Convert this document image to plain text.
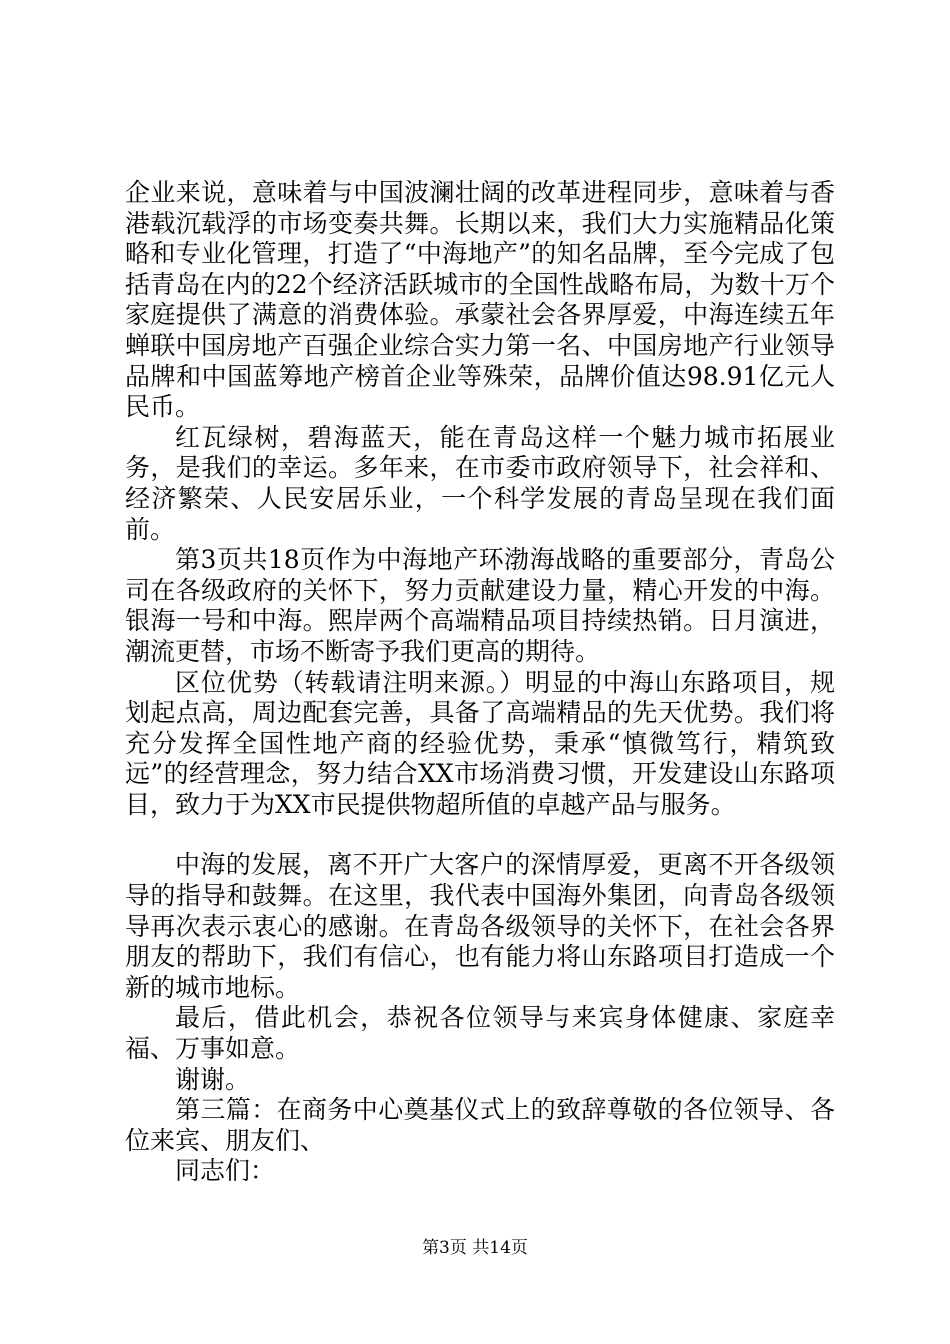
企业来说，意味着与中国波澜壮阔的改革进程同步，意味着与香港载沉载浮的市场变奏共舞。长期以来，我们大力实施精品化策略和专业化管理，打造了“中海地产”的知名品牌，至今完成了包括青岛在内的22个经济活跃城市的全国性战略布局，为数十万个家庭提供了满意的消费体验。承蒙社会各界厚爱，中海连续五年蝉联中国房地产百强企业综合实力第一名、中国房地产行业领导品牌和中国蓝筹地产榜首企业等殊荣，品牌价值达98.91亿元人民币。

红瓦绿树，碧海蓝天，能在青岛这样一个魅力城市拓展业务，是我们的幸运。多年来，在市委市政府领导下，社会祥和、经济繁荣、人民安居乐业，一个科学发展的青岛呈现在我们面前。

第3页共18页作为中海地产环渤海战略的重要部分，青岛公司在各级政府的关怀下，努力贡献建设力量，精心开发的中海。银海一号和中海。熙岸两个高端精品项目持续热销。日月演进，潮流更替，市场不断寄予我们更高的期待。

区位优势（转载请注明来源。）明显的中海山东路项目，规划起点高，周边配套完善，具备了高端精品的先天优势。我们将充分发挥全国性地产商的经验优势，秉承“慎微笃行，精筑致远”的经营理念，努力结合XX市场消费习惯，开发建设山东路项目，致力于为XX市民提供物超所值的卓越产品与服务。

中海的发展，离不开广大客户的深情厚爱，更离不开各级领导的指导和鼓舞。在这里，我代表中国海外集团，向青岛各级领导再次表示衷心的感谢。在青岛各级领导的关怀下，在社会各界朋友的帮助下，我们有信心，也有能力将山东路项目打造成一个新的城市地标。

最后，借此机会，恭祝各位领导与来宾身体健康、家庭幸福、万事如意。

谢谢。

第三篇：在商务中心奠基仪式上的致辞尊敬的各位领导、各位来宾、朋友们、

同志们：

第3页 共14页
